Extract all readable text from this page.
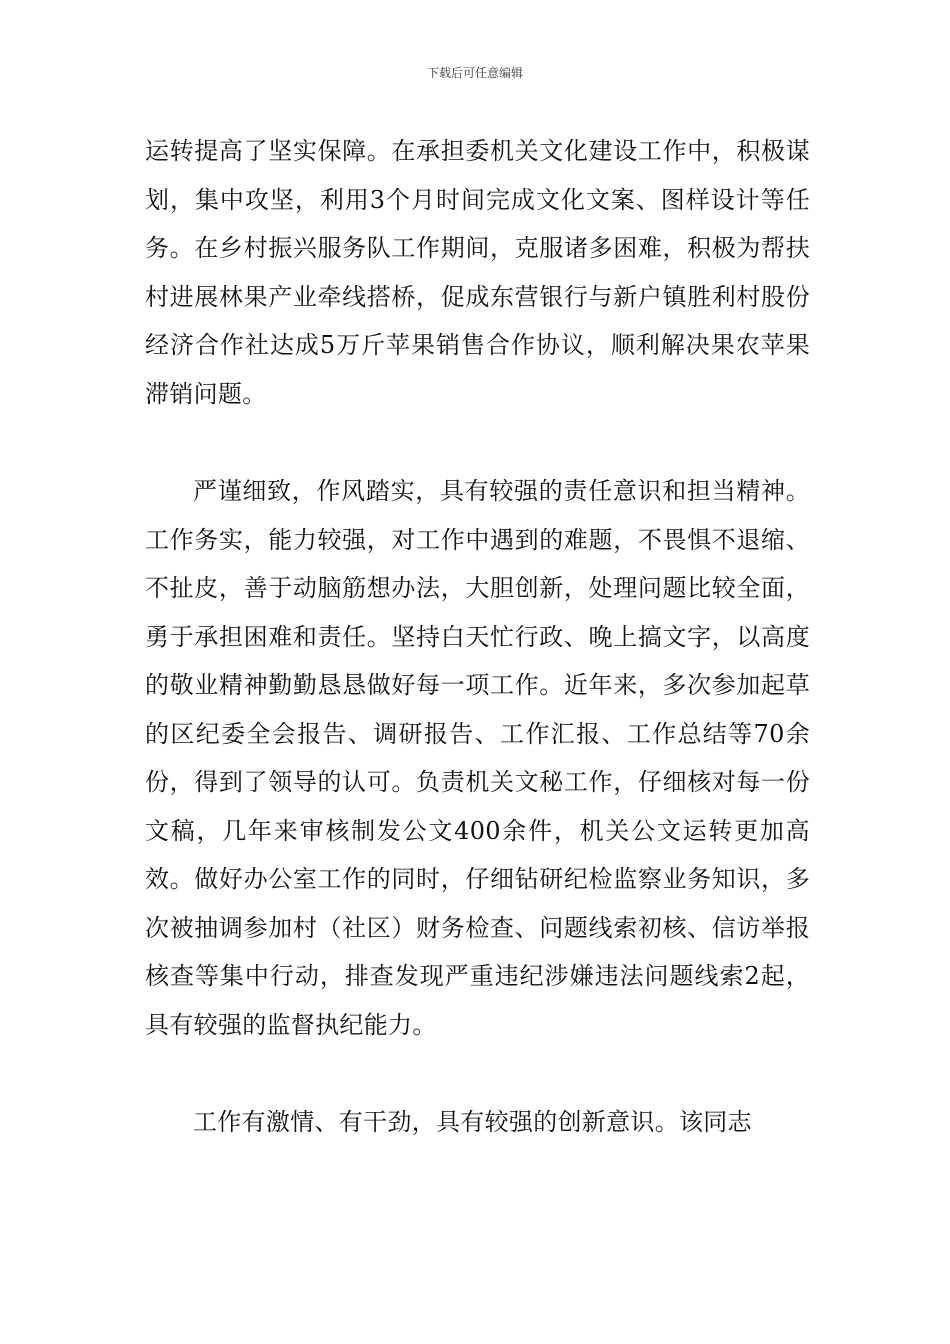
下载后可任意编辑

运转提高了坚实保障。在承担委机关文化建设工作中，积极谋划，集中攻坚，利用3个月时间完成文化文案、图样设计等任务。在乡村振兴服务队工作期间，克服诸多困难，积极为帮扶村进展林果产业牵线搭桥，促成东营银行与新户镇胜利村股份经济合作社达成5万斤苹果销售合作协议，顺利解决果农苹果滞销问题。

严谨细致，作风踏实，具有较强的责任意识和担当精神。工作务实，能力较强，对工作中遇到的难题，不畏惧不退缩、不扯皮，善于动脑筋想办法，大胆创新，处理问题比较全面，勇于承担困难和责任。坚持白天忙行政、晚上搞文字，以高度的敬业精神勤勤恳恳做好每一项工作。近年来，多次参加起草的区纪委全会报告、调研报告、工作汇报、工作总结等70余份，得到了领导的认可。负责机关文秘工作，仔细核对每一份文稿，几年来审核制发公文400余件，机关公文运转更加高效。做好办公室工作的同时，仔细钻研纪检监察业务知识，多次被抽调参加村（社区）财务检查、问题线索初核、信访举报核查等集中行动，排查发现严重违纪涉嫌违法问题线索2起，具有较强的监督执纪能力。

工作有激情、有干劲，具有较强的创新意识。该同志
